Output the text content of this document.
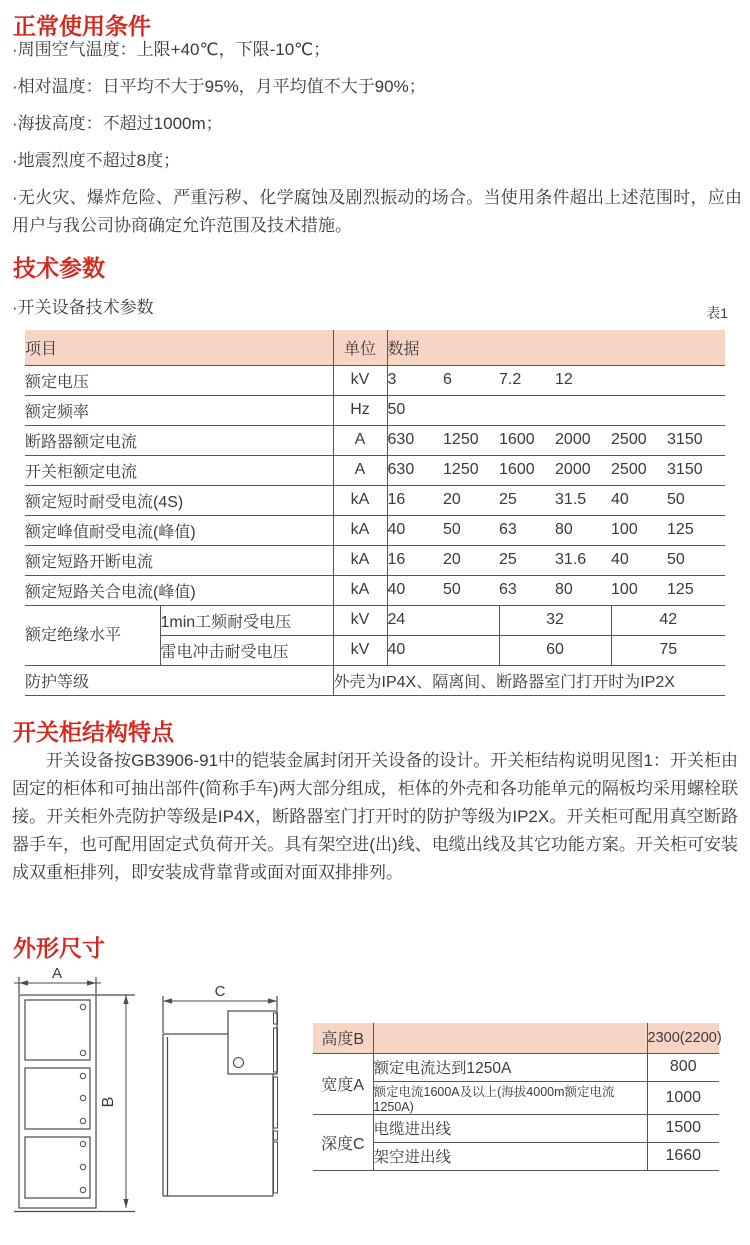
正常使用条件
·周围空气温度：上限+40℃，下限-10℃；
·相对温度：日平均不大于95%，月平均值不大于90%；
·海拔高度：不超过1000m；
·地震烈度不超过8度；
·无火灾、爆炸危险、严重污秽、化学腐蚀及剧烈振动的场合。当使用条件超出上述范围时，应由用户与我公司协商确定允许范围及技术措施。
技术参数
·开关设备技术参数	表1
项目		单位	数据					
额定电压		kV	3	6	7.2	12		
额定频率		Hz	50					
断路器额定电流		A	630	1250	1600	2000	2500	3150
开关柜额定电流		A	630	1250	1600	2000	2500	3150
额定短时耐受电流(4S)		kA	16	20	25	31.5	40	50
额定峰值耐受电流(峰值)		kA	40	50	63	80	100	125
额定短路开断电流		kA	16	20	25	31.6	40	50
额定短路关合电流(峰值)		kA	40	50	63	80	100	125
额定绝缘水平	1min工频耐受电压	kV	24		32		42	
	雷电冲击耐受电压	kV	40		60		75	
防护等级		外壳为IP4X、隔离间、断路器室门打开时为IP2X						
开关柜结构特点
开关设备按GB3906-91中的铠装金属封闭开关设备的设计。开关柜结构说明见图1：开关柜由固定的柜体和可抽出部件(简称手车)两大部分组成，柜体的外壳和各功能单元的隔板均采用螺栓联接。开关柜外壳防护等级是IP4X，断路器室门打开时的防护等级为IP2X。开关柜可配用真空断路器手车，也可配用固定式负荷开关。具有架空进(出)线、电缆出线及其它功能方案。开关柜可安装成双重柜排列，即安装成背靠背或面对面双排排列。
外形尺寸
A
B
C
高度B		2300(2200)
宽度A	额定电流达到1250A	800
	额定电流1600A及以上(海拔4000m额定电流1250A)	1000
深度C	电缆进出线	1500
	架空进出线	1660
